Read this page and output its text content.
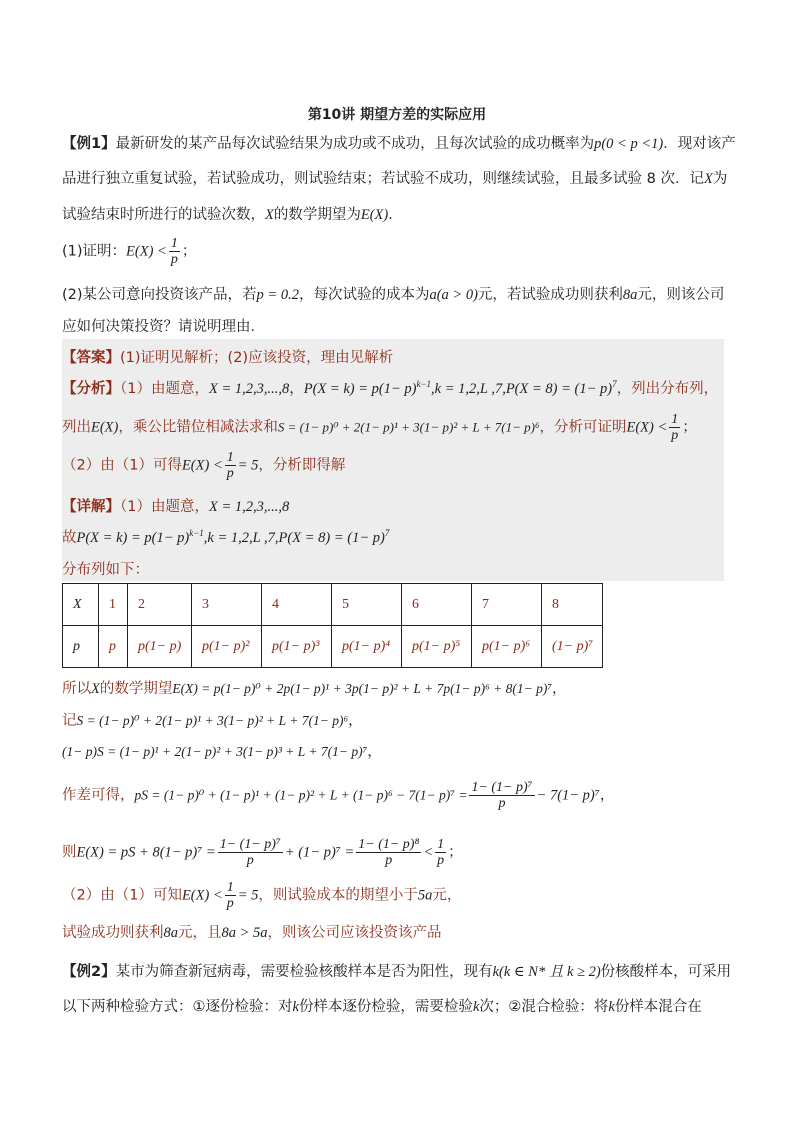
第10讲 期望方差的实际应用
【例1】最新研发的某产品每次试验结果为成功或不成功，且每次试验的成功概率为p(0 < p <1)．现对该产
品进行独立重复试验，若试验成功，则试验结束；若试验不成功，则继续试验，且最多试验 8 次．记X为
试验结束时所进行的试验次数，X的数学期望为E(X)．
(1)证明：$E(X) < \frac{1}{p}$ ；
(2)某公司意向投资该产品，若p = 0.2，每次试验的成本为a(a > 0)元，若试验成功则获利8a元，则该公司
应如何决策投资？请说明理由．
【答案】(1)证明见解析；(2)应该投资，理由见解析
【分析】（1）由题意，X = 1,2,3,...,8，$P(X = k) = p(1- p)^{k-1},k = 1,2,L$ $,7,P(X = 8) = (1- p)^7$，列出分布列，
列出E(X)，乘公比错位相减法求和S = (1− p)⁰ + 2(1− p)¹ + 3(1− p)² + L + 7(1− p)⁶，分析可证明$E(X) < \frac{1}{p}$ ；
（2）由（1）可得$E(X) < \frac{1}{p} = 5$，分析即得解
【详解】（1）由题意，X = 1,2,3,...,8
故$P(X = k) = p(1- p)^{k-1},k = 1,2,L$ $,7,P(X = 8) = (1- p)^7$
分布列如下：
X	1	2	3	4	5	6	7	8
p	p	p(1− p)	p(1− p)²	p(1− p)³	p(1− p)⁴	p(1− p)⁵	p(1− p)⁶	(1− p)⁷
所以X的数学期望E(X) = p(1− p)⁰ + 2p(1− p)¹ + 3p(1− p)² + L + 7p(1− p)⁶ + 8(1− p)⁷，
记S = (1− p)⁰ + 2(1− p)¹ + 3(1− p)² + L + 7(1− p)⁶，
(1− p)S = (1− p)¹ + 2(1− p)² + 3(1− p)³ + L + 7(1− p)⁷，
作差可得，pS = $(1- p)^0 + (1- p)^1 + (1- p)^2 + L + (1- p)^6 - 7(1- p)^7 = \frac{\text{1− (1− p)⁷}}{p} - 7(1- p)^7$，
则E(X) = pS + $8(1- p)^7 = \frac{\text{1− (1− p)⁷}}{p} + (1- p)^7 = \frac{\text{1− (1− p)⁸}}{p} < \frac{1}{p}$ ；
（2）由（1）可知$E(X) < \frac{1}{p} = 5$，则试验成本的期望小于5a元，
试验成功则获利8a元，且8a > 5a，则该公司应该投资该产品
【例2】某市为筛查新冠病毒，需要检验核酸样本是否为阳性，现有k(k ∈ N* 且 k ≥ 2)份核酸样本，可采用
以下两种检验方式：①逐份检验：对k份样本逐份检验，需要检验k次；②混合检验：将k份样本混合在
